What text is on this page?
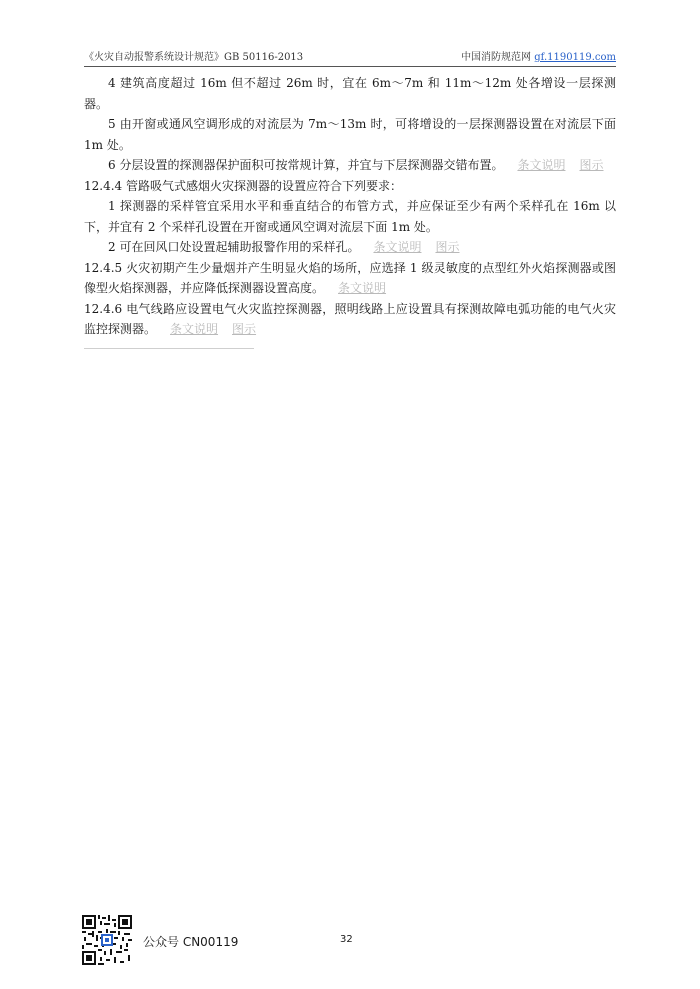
《火灾自动报警系统设计规范》GB 50116-2013	中国消防规范网 gf.1190119.com

4 建筑高度超过 16m 但不超过 26m 时，宜在 6m～7m 和 11m～12m 处各增设一层探测器。

5 由开窗或通风空调形成的对流层为 7m～13m 时，可将增设的一层探测器设置在对流层下面 1m 处。

6 分层设置的探测器保护面积可按常规计算，并宜与下层探测器交错布置。 条文说明 图示

12.4.4 管路吸气式感烟火灾探测器的设置应符合下列要求：

1 探测器的采样管宜采用水平和垂直结合的布管方式，并应保证至少有两个采样孔在 16m 以下，并宜有 2 个采样孔设置在开窗或通风空调对流层下面 1m 处。

2 可在回风口处设置起辅助报警作用的采样孔。 条文说明 图示

12.4.5 火灾初期产生少量烟并产生明显火焰的场所，应选择 1 级灵敏度的点型红外火焰探测器或图像型火焰探测器，并应降低探测器设置高度。 条文说明

12.4.6 电气线路应设置电气火灾监控探测器，照明线路上应设置具有探测故障电弧功能的电气火灾监控探测器。 条文说明 图示

公众号 CN00119	32
